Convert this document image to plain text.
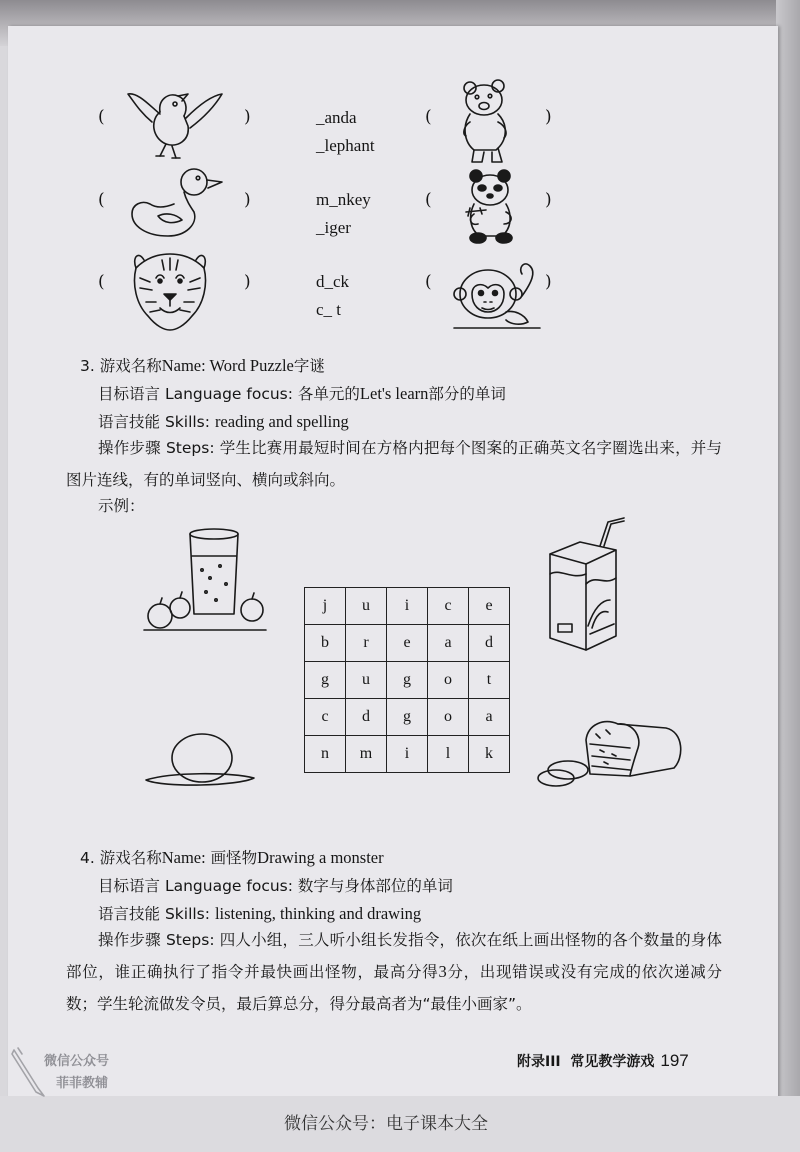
(	)	_anda
_lephant
(	)
(	)	m_nkey
_iger
(	)
(	)	d_ck
c_ t
(	)
3. 游戏名称Name: Word Puzzle字谜
目标语言 Language focus: 各单元的Let's learn部分的单词
语言技能 Skills: reading and spelling
操作步骤 Steps: 学生比赛用最短时间在方格内把每个图案的正确英文名字圈选出来，并与图片连线，有的单词竖向、横向或斜向。
示例：
j	u	i	c	e
b	r	e	a	d
g	u	g	o	t
c	d	g	o	a
n	m	i	l	k
4. 游戏名称Name: 画怪物Drawing a monster
目标语言 Language focus: 数字与身体部位的单词
语言技能 Skills: listening, thinking and drawing
操作步骤 Steps: 四人小组，三人听小组长发指令，依次在纸上画出怪物的各个数量的身体部位，谁正确执行了指令并最快画出怪物，最高分得3分，出现错误或没有完成的依次递减分数；学生轮流做发令员，最后算总分，得分最高者为“最佳小画家”。
微信公众号
菲菲教辅
附录III 常见教学游戏 197
微信公众号：电子课本大全
